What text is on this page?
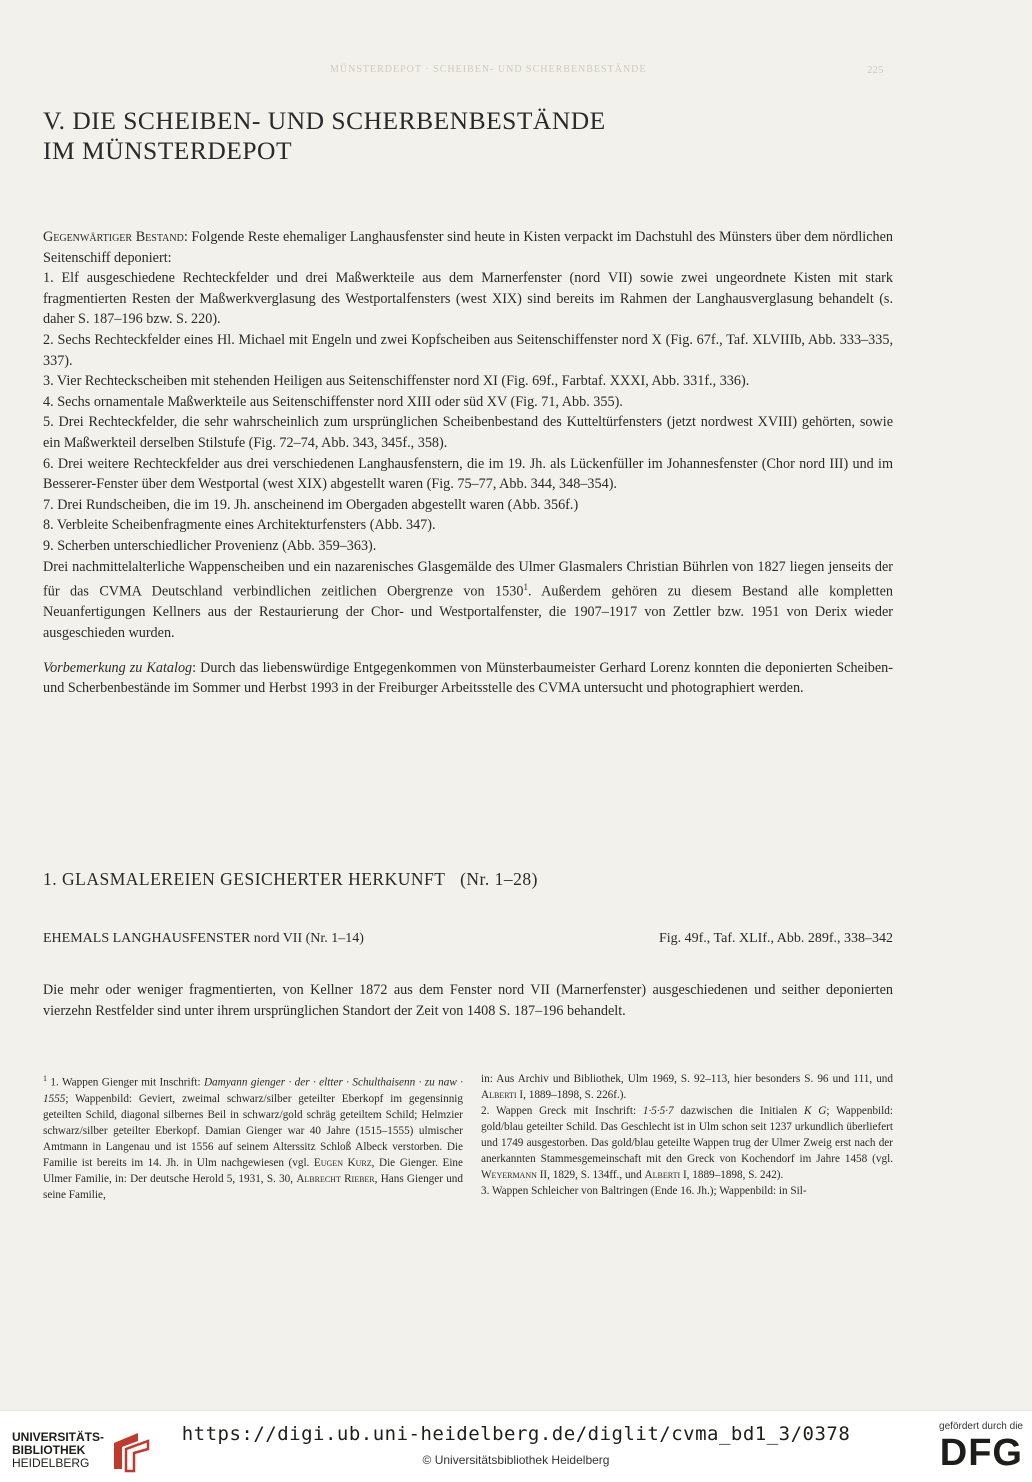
MÜNSTERDEPOT · SCHEIBEN- UND SCHERBENBESTÄNDE	225
V. DIE SCHEIBEN- UND SCHERBENBESTÄNDE
IM MÜNSTERDEPOT

Gegenwärtiger Bestand: Folgende Reste ehemaliger Langhausfenster sind heute in Kisten verpackt im Dachstuhl des Münsters über dem nördlichen Seitenschiff deponiert:

1. Elf ausgeschiedene Rechteckfelder und drei Maßwerkteile aus dem Marnerfenster (nord VII) sowie zwei ungeordnete Kisten mit stark fragmentierten Resten der Maßwerkverglasung des Westportalfensters (west XIX) sind bereits im Rahmen der Langhausverglasung behandelt (s. daher S. 187–196 bzw. S. 220).

2. Sechs Rechteckfelder eines Hl. Michael mit Engeln und zwei Kopfscheiben aus Seitenschiffenster nord X (Fig. 67f., Taf. XLVIIIb, Abb. 333–335, 337).

3. Vier Rechteckscheiben mit stehenden Heiligen aus Seitenschiffenster nord XI (Fig. 69f., Farbtaf. XXXI, Abb. 331f., 336).

4. Sechs ornamentale Maßwerkteile aus Seitenschiffenster nord XIII oder süd XV (Fig. 71, Abb. 355).

5. Drei Rechteckfelder, die sehr wahrscheinlich zum ursprünglichen Scheibenbestand des Kutteltürfensters (jetzt nordwest XVIII) gehörten, sowie ein Maßwerkteil derselben Stilstufe (Fig. 72–74, Abb. 343, 345f., 358).

6. Drei weitere Rechteckfelder aus drei verschiedenen Langhausfenstern, die im 19. Jh. als Lückenfüller im Johannesfenster (Chor nord III) und im Besserer-Fenster über dem Westportal (west XIX) abgestellt waren (Fig. 75–77, Abb. 344, 348–354).

7. Drei Rundscheiben, die im 19. Jh. anscheinend im Obergaden abgestellt waren (Abb. 356f.)

8. Verbleite Scheibenfragmente eines Architekturfensters (Abb. 347).

9. Scherben unterschiedlicher Provenienz (Abb. 359–363).

Drei nachmittelalterliche Wappenscheiben und ein nazarenisches Glasgemälde des Ulmer Glasmalers Christian Bührlen von 1827 liegen jenseits der für das CVMA Deutschland verbindlichen zeitlichen Obergrenze von 1530$^1$. Außerdem gehören zu diesem Bestand alle kompletten Neuanfertigungen Kellners aus der Restaurierung der Chor- und Westportalfenster, die 1907–1917 von Zettler bzw. 1951 von Derix wieder ausgeschieden wurden.

Vorbemerkung zu Katalog: Durch das liebenswürdige Entgegenkommen von Münsterbaumeister Gerhard Lorenz konnten die deponierten Scheiben- und Scherbenbestände im Sommer und Herbst 1993 in der Freiburger Arbeitsstelle des CVMA untersucht und photographiert werden.

1. GLASMALEREIEN GESICHERTER HERKUNFT (Nr. 1–28)
EHEMALS LANGHAUSFENSTER nord VII (Nr. 1–14)	Fig. 49f., Taf. XLIf., Abb. 289f., 338–342
Die mehr oder weniger fragmentierten, von Kellner 1872 aus dem Fenster nord VII (Marnerfenster) ausgeschiedenen und seither deponierten vierzehn Restfelder sind unter ihrem ursprünglichen Standort der Zeit von 1408 S. 187–196 behandelt.

$^1$ 1. Wappen Gienger mit Inschrift: Damyann gienger · der · eltter · Schulthaisenn · zu naw · 1555; Wappenbild: Geviert, zweimal schwarz/silber geteilter Eberkopf im gegensinnig geteilten Schild, diagonal silbernes Beil in schwarz/gold schräg geteiltem Schild; Helmzier schwarz/silber geteilter Eberkopf. Damian Gienger war 40 Jahre (1515–1555) ulmischer Amtmann in Langenau und ist 1556 auf seinem Alterssitz Schloß Albeck verstorben. Die Familie ist bereits im 14. Jh. in Ulm nachgewiesen (vgl. Eugen Kurz, Die Gienger. Eine Ulmer Familie, in: Der deutsche Herold 5, 1931, S. 30, Albrecht Rieber, Hans Gienger und seine Familie,

in: Aus Archiv und Bibliothek, Ulm 1969, S. 92–113, hier besonders S. 96 und 111, und Alberti I, 1889–1898, S. 226f.).

2. Wappen Greck mit Inschrift: 1·5·5·7 dazwischen die Initialen K G; Wappenbild: gold/blau geteilter Schild. Das Geschlecht ist in Ulm schon seit 1237 urkundlich überliefert und 1749 ausgestorben. Das gold/blau geteilte Wappen trug der Ulmer Zweig erst nach der anerkannten Stammesgemeinschaft mit den Greck von Kochendorf im Jahre 1458 (vgl. Weyermann II, 1829, S. 134ff., und Alberti I, 1889–1898, S. 242).

3. Wappen Schleicher von Baltringen (Ende 16. Jh.); Wappenbild: in Sil-

UNIVERSITÄTS-
BIBLIOTHEK
HEIDELBERG
https://digi.ub.uni-heidelberg.de/diglit/cvma_bd1_3/0378
© Universitätsbibliothek Heidelberg
gefördert durch die
DFG
